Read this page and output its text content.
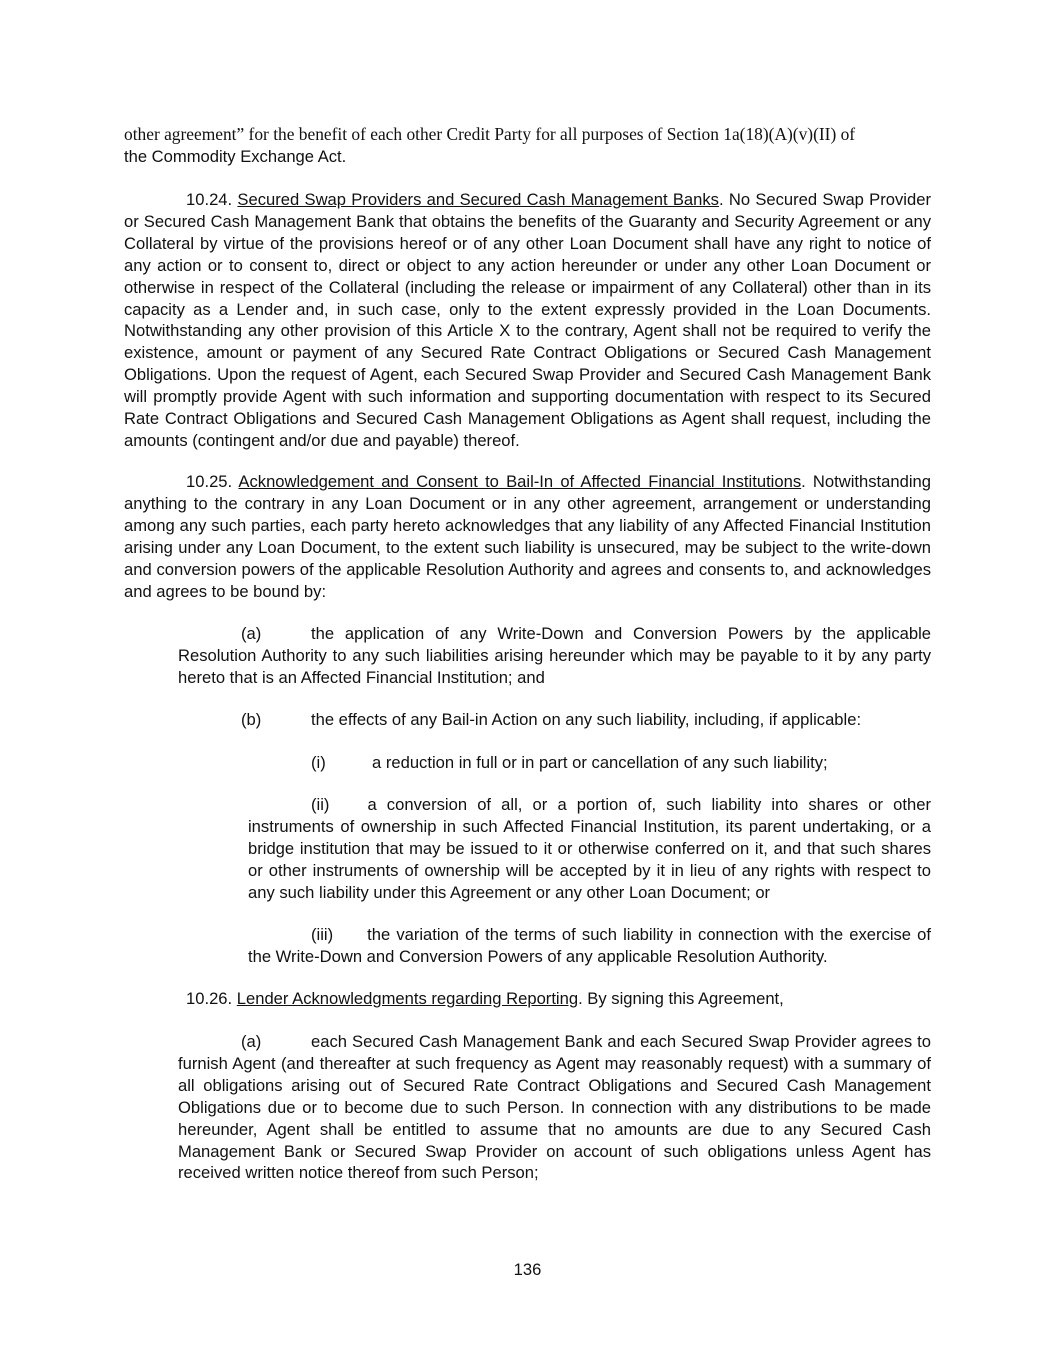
other agreement” for the benefit of each other Credit Party for all purposes of Section 1a(18)(A)(v)(II) of
the Commodity Exchange Act.

10.24. Secured Swap Providers and Secured Cash Management Banks. No Secured Swap Provider or Secured Cash Management Bank that obtains the benefits of the Guaranty and Security Agreement or any Collateral by virtue of the provisions hereof or of any other Loan Document shall have any right to notice of any action or to consent to, direct or object to any action hereunder or under any other Loan Document or otherwise in respect of the Collateral (including the release or impairment of any Collateral) other than in its capacity as a Lender and, in such case, only to the extent expressly provided in the Loan Documents. Notwithstanding any other provision of this Article X to the contrary, Agent shall not be required to verify the existence, amount or payment of any Secured Rate Contract Obligations or Secured Cash Management Obligations. Upon the request of Agent, each Secured Swap Provider and Secured Cash Management Bank will promptly provide Agent with such information and supporting documentation with respect to its Secured Rate Contract Obligations and Secured Cash Management Obligations as Agent shall request, including the amounts (contingent and/or due and payable) thereof.

10.25. Acknowledgement and Consent to Bail-In of Affected Financial Institutions. Notwithstanding anything to the contrary in any Loan Document or in any other agreement, arrangement or understanding among any such parties, each party hereto acknowledges that any liability of any Affected Financial Institution arising under any Loan Document, to the extent such liability is unsecured, may be subject to the write-down and conversion powers of the applicable Resolution Authority and agrees and consents to, and acknowledges and agrees to be bound by:

(a)	the application of any Write-Down and Conversion Powers by the applicable Resolution Authority to any such liabilities arising hereunder which may be payable to it by any party hereto that is an Affected Financial Institution; and

(b)	the effects of any Bail-in Action on any such liability, including, if applicable:
(i)	a reduction in full or in part or cancellation of any such liability;

(ii) a conversion of all, or a portion of, such liability into shares or other instruments of ownership in such Affected Financial Institution, its parent undertaking, or a bridge institution that may be issued to it or otherwise conferred on it, and that such shares or other instruments of ownership will be accepted by it in lieu of any rights with respect to any such liability under this Agreement or any other Loan Document; or

(iii) the variation of the terms of such liability in connection with the exercise of the Write-Down and Conversion Powers of any applicable Resolution Authority.

10.26. Lender Acknowledgments regarding Reporting. By signing this Agreement,

(a)	each Secured Cash Management Bank and each Secured Swap Provider agrees to furnish Agent (and thereafter at such frequency as Agent may reasonably request) with a summary of all obligations arising out of Secured Rate Contract Obligations and Secured Cash Management Obligations due or to become due to such Person. In connection with any distributions to be made hereunder, Agent shall be entitled to assume that no amounts are due to any Secured Cash Management Bank or Secured Swap Provider on account of such obligations unless Agent has received written notice thereof from such Person;

136
